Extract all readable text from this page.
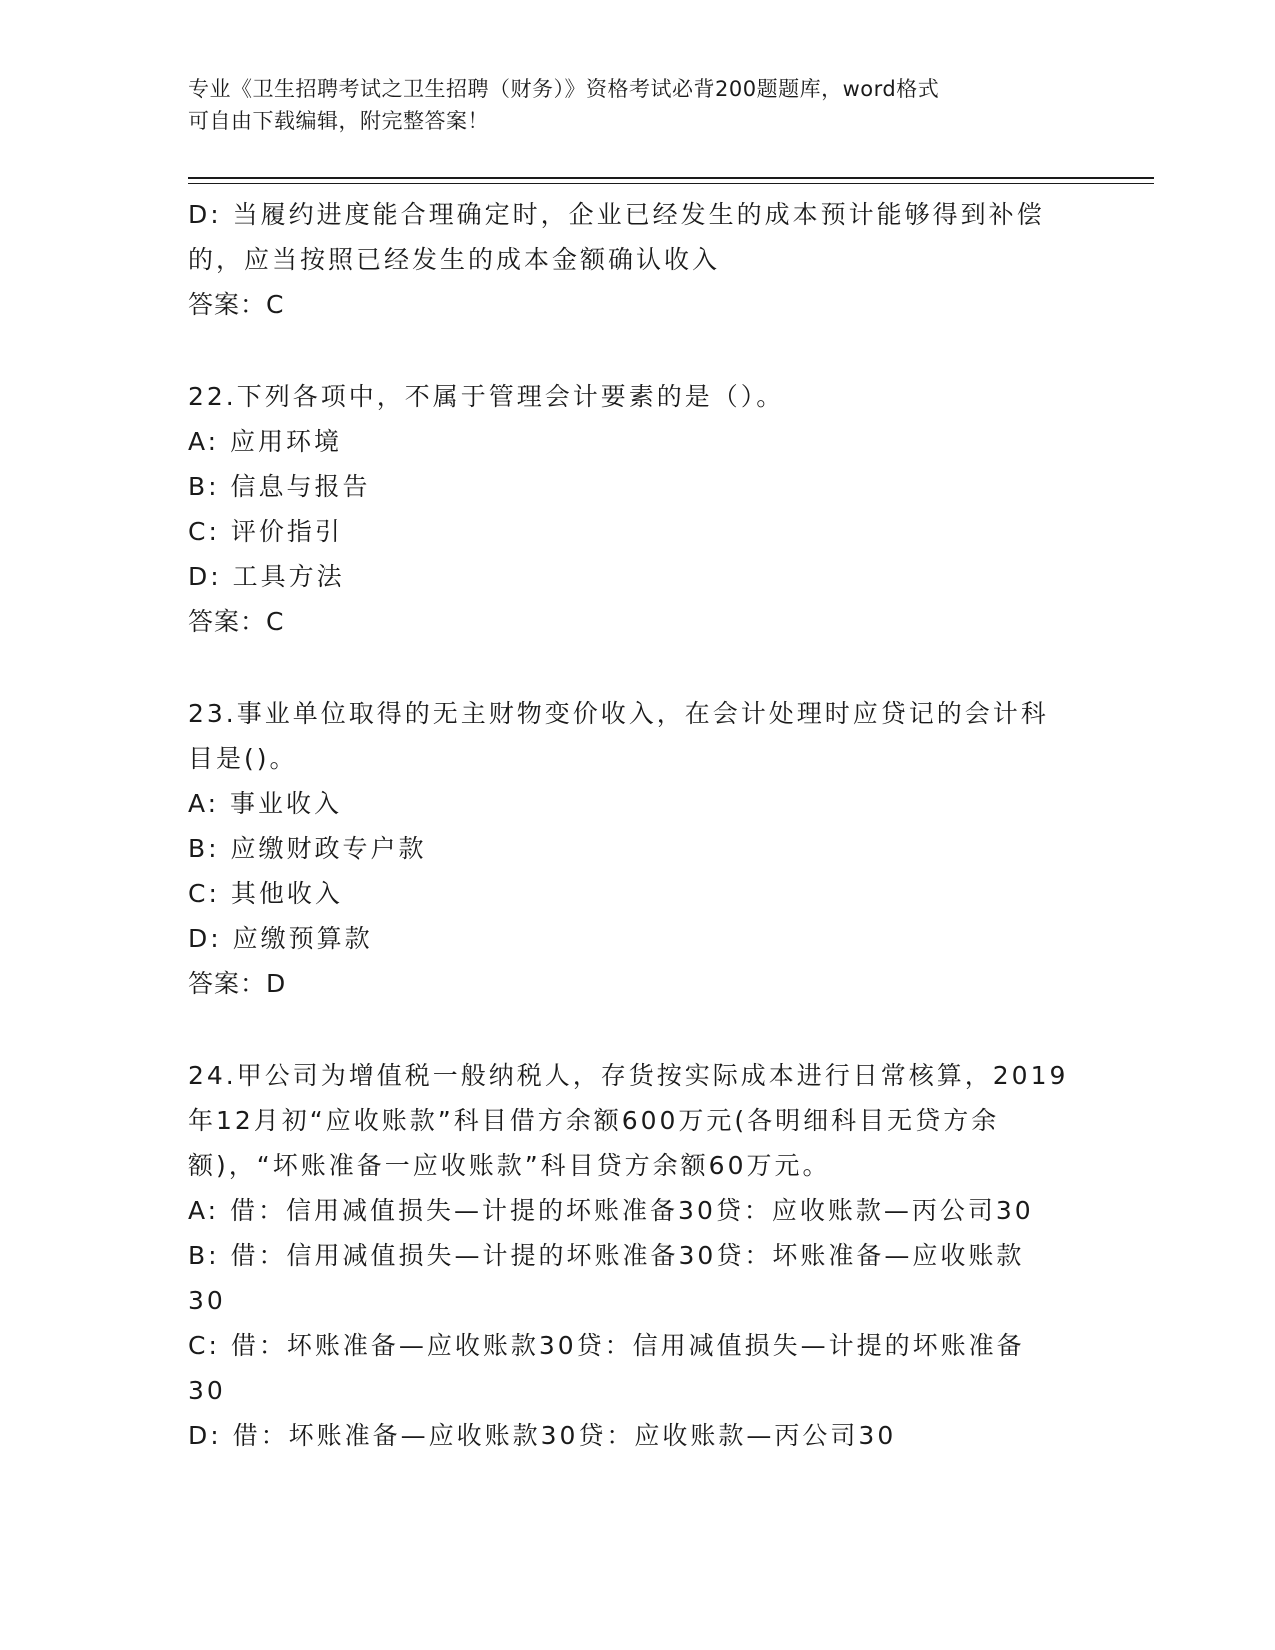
专业《卫生招聘考试之卫生招聘（财务）》资格考试必背200题题库，word格式
可自由下载编辑，附完整答案！
D: 当履约进度能合理确定时，企业已经发生的成本预计能够得到补偿
的，应当按照已经发生的成本金额确认收入
答案：C
22.下列各项中，不属于管理会计要素的是（）。
A: 应用环境
B: 信息与报告
C: 评价指引
D: 工具方法
答案：C
23.事业单位取得的无主财物变价收入，在会计处理时应贷记的会计科
目是()。
A: 事业收入
B: 应缴财政专户款
C: 其他收入
D: 应缴预算款
答案：D
24.甲公司为增值税一般纳税人，存货按实际成本进行日常核算，2019
年12月初“应收账款”科目借方余额600万元(各明细科目无贷方余
额)，“坏账准备一应收账款”科目贷方余额60万元。
A: 借：信用减值损失—计提的坏账准备30贷：应收账款—丙公司30
B: 借：信用减值损失—计提的坏账准备30贷：坏账准备—应收账款
30
C: 借：坏账准备—应收账款30贷：信用减值损失—计提的坏账准备
30
D: 借：坏账准备—应收账款30贷：应收账款—丙公司30
